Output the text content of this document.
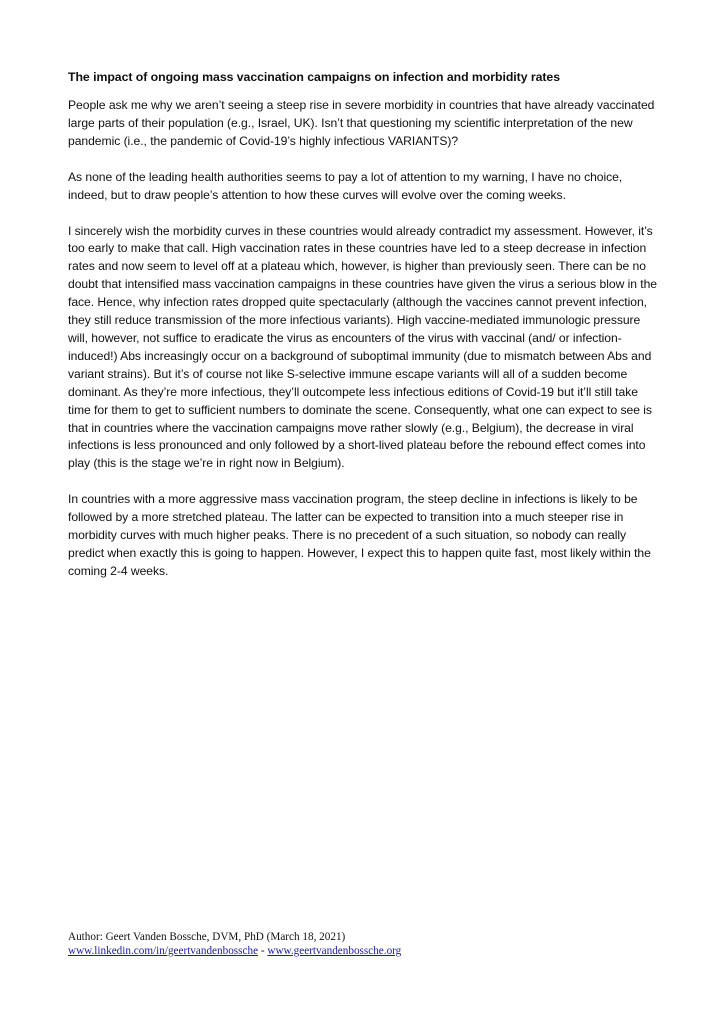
The impact of ongoing mass vaccination campaigns on infection and morbidity rates

People ask me why we aren’t seeing a steep rise in severe morbidity in countries that have already vaccinated large parts of their population (e.g., Israel, UK). Isn’t that questioning my scientific interpretation of the new pandemic (i.e., the pandemic of Covid-19’s highly infectious VARIANTS)?

As none of the leading health authorities seems to pay a lot of attention to my warning, I have no choice, indeed, but to draw people’s attention to how these curves will evolve over the coming weeks.

I sincerely wish the morbidity curves in these countries would already contradict my assessment. However, it’s too early to make that call. High vaccination rates in these countries have led to a steep decrease in infection rates and now seem to level off at a plateau which, however, is higher than previously seen. There can be no doubt that intensified mass vaccination campaigns in these countries have given the virus a serious blow in the face. Hence, why infection rates dropped quite spectacularly (although the vaccines cannot prevent infection, they still reduce transmission of the more infectious variants). High vaccine-mediated immunologic pressure will, however, not suffice to eradicate the virus as encounters of the virus with vaccinal (and/ or infection-induced!) Abs increasingly occur on a background of suboptimal immunity (due to mismatch between Abs and variant strains). But it’s of course not like S-selective immune escape variants will all of a sudden become dominant. As they’re more infectious, they’ll outcompete less infectious editions of Covid-19 but it’ll still take time for them to get to sufficient numbers to dominate the scene. Consequently, what one can expect to see is that in countries where the vaccination campaigns move rather slowly (e.g., Belgium), the decrease in viral infections is less pronounced and only followed by a short-lived plateau before the rebound effect comes into play (this is the stage we’re in right now in Belgium).

In countries with a more aggressive mass vaccination program, the steep decline in infections is likely to be followed by a more stretched plateau. The latter can be expected to transition into a much steeper rise in morbidity curves with much higher peaks. There is no precedent of a such situation, so nobody can really predict when exactly this is going to happen. However, I expect this to happen quite fast, most likely within the coming 2-4 weeks.

Author: Geert Vanden Bossche, DVM, PhD (March 18, 2021)
www.linkedin.com/in/geertvandenbossche - www.geertvandenbossche.org
